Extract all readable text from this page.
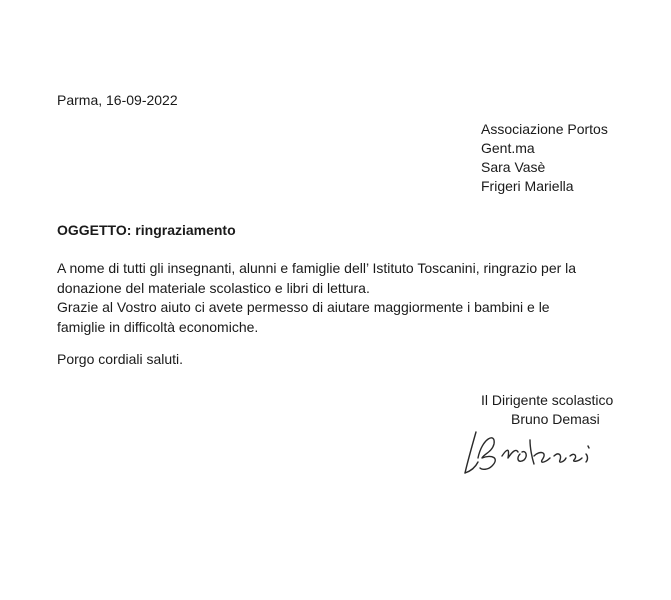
Parma, 16-09-2022
Associazione Portos
Gent.ma
Sara Vasè
Frigeri Mariella
OGGETTO: ringraziamento

A nome di tutti gli insegnanti, alunni e famiglie dell’ Istituto Toscanini, ringrazio per la

donazione del materiale scolastico e libri di lettura.

Grazie al Vostro aiuto ci avete permesso di aiutare maggiormente i bambini e le

famiglie in difficoltà economiche.

Porgo cordiali saluti.
Il Dirigente scolastico
Bruno Demasi
